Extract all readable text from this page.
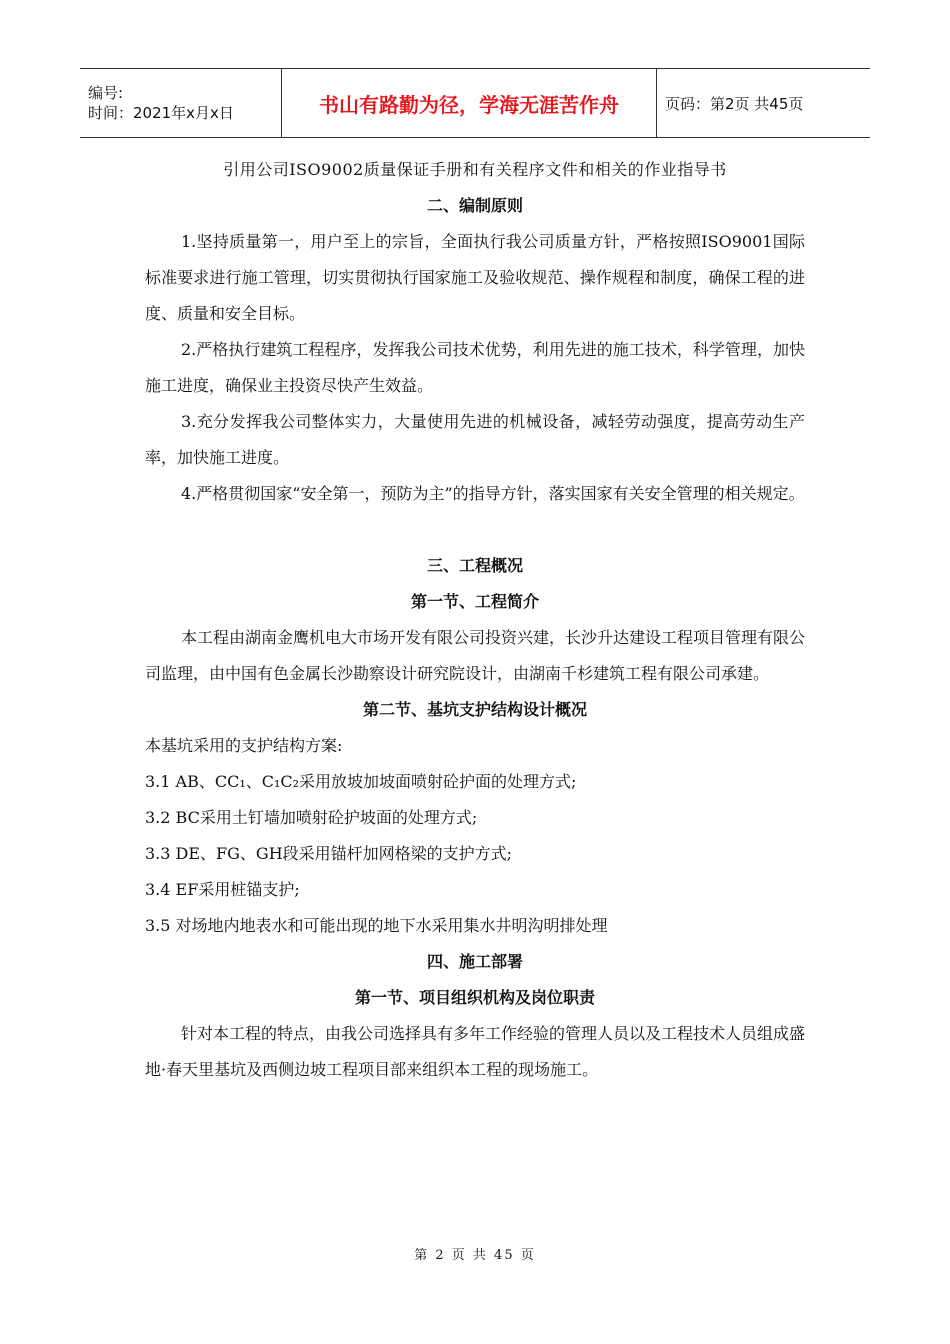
编号:
时间：2021年x月x日	书山有路勤为径，学海无涯苦作舟	页码：第2页 共45页

引用公司ISO9002质量保证手册和有关程序文件和相关的作业指导书

二、编制原则

1.坚持质量第一，用户至上的宗旨，全面执行我公司质量方针，严格按照ISO9001国际标准要求进行施工管理，切实贯彻执行国家施工及验收规范、操作规程和制度，确保工程的进度、质量和安全目标。

2.严格执行建筑工程程序，发挥我公司技术优势，利用先进的施工技术，科学管理，加快施工进度，确保业主投资尽快产生效益。

3.充分发挥我公司整体实力，大量使用先进的机械设备，减轻劳动强度，提高劳动生产率，加快施工进度。

4.严格贯彻国家“安全第一，预防为主”的指导方针，落实国家有关安全管理的相关规定。

三、工程概况

第一节、工程简介

本工程由湖南金鹰机电大市场开发有限公司投资兴建，长沙升达建设工程项目管理有限公司监理，由中国有色金属长沙勘察设计研究院设计，由湖南千杉建筑工程有限公司承建。

第二节、基坑支护结构设计概况

本基坑采用的支护结构方案:

3.1 AB、CC₁、C₁C₂采用放坡加坡面喷射砼护面的处理方式;

3.2 BC采用土钉墙加喷射砼护坡面的处理方式;

3.3 DE、FG、GH段采用锚杆加网格梁的支护方式;

3.4 EF采用桩锚支护;

3.5 对场地内地表水和可能出现的地下水采用集水井明沟明排处理

四、施工部署

第一节、项目组织机构及岗位职责

针对本工程的特点，由我公司选择具有多年工作经验的管理人员以及工程技术人员组成盛地·春天里基坑及西侧边坡工程项目部来组织本工程的现场施工。

第 2 页 共 45 页
